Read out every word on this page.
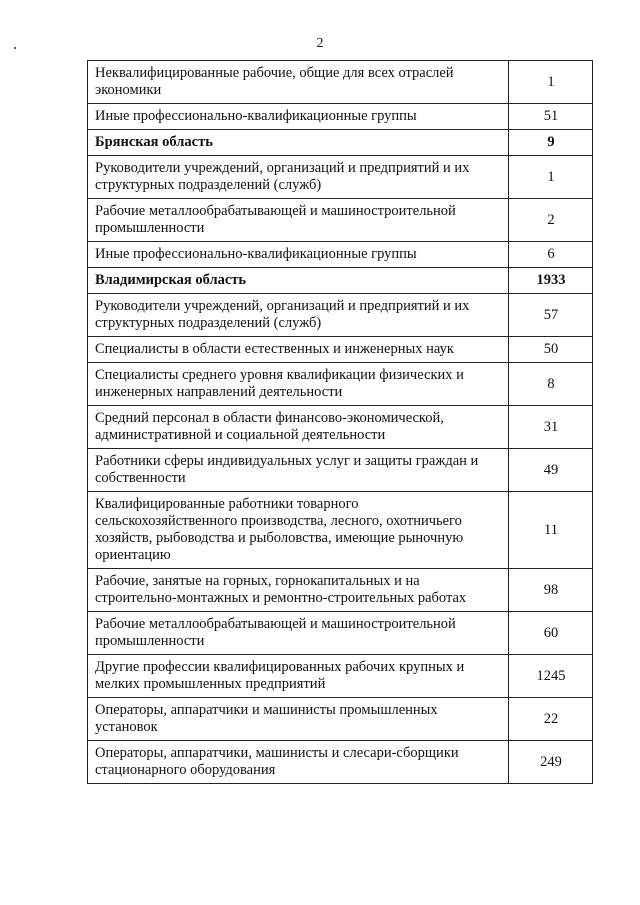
2
Неквалифицированные рабочие, общие для всех отраслей экономики	1
Иные профессионально-квалификационные группы	51
Брянская область	9
Руководители учреждений, организаций и предприятий и их структурных подразделений (служб)	1
Рабочие металлообрабатывающей и машиностроительной промышленности	2
Иные профессионально-квалификационные группы	6
Владимирская область	1933
Руководители учреждений, организаций и предприятий и их структурных подразделений (служб)	57
Специалисты в области естественных и инженерных наук	50
Специалисты среднего уровня квалификации физических и инженерных направлений деятельности	8
Средний персонал в области финансово-экономической, административной и социальной деятельности	31
Работники сферы индивидуальных услуг и защиты граждан и собственности	49
Квалифицированные работники товарного сельскохозяйственного производства, лесного, охотничьего хозяйств, рыбоводства и рыболовства, имеющие рыночную ориентацию	11
Рабочие, занятые на горных, горнокапитальных и на строительно-монтажных и ремонтно-строительных работах	98
Рабочие металлообрабатывающей и машиностроительной промышленности	60
Другие профессии квалифицированных рабочих крупных и мелких промышленных предприятий	1245
Операторы, аппаратчики и машинисты промышленных установок	22
Операторы, аппаратчики, машинисты и слесари-сборщики стационарного оборудования	249
